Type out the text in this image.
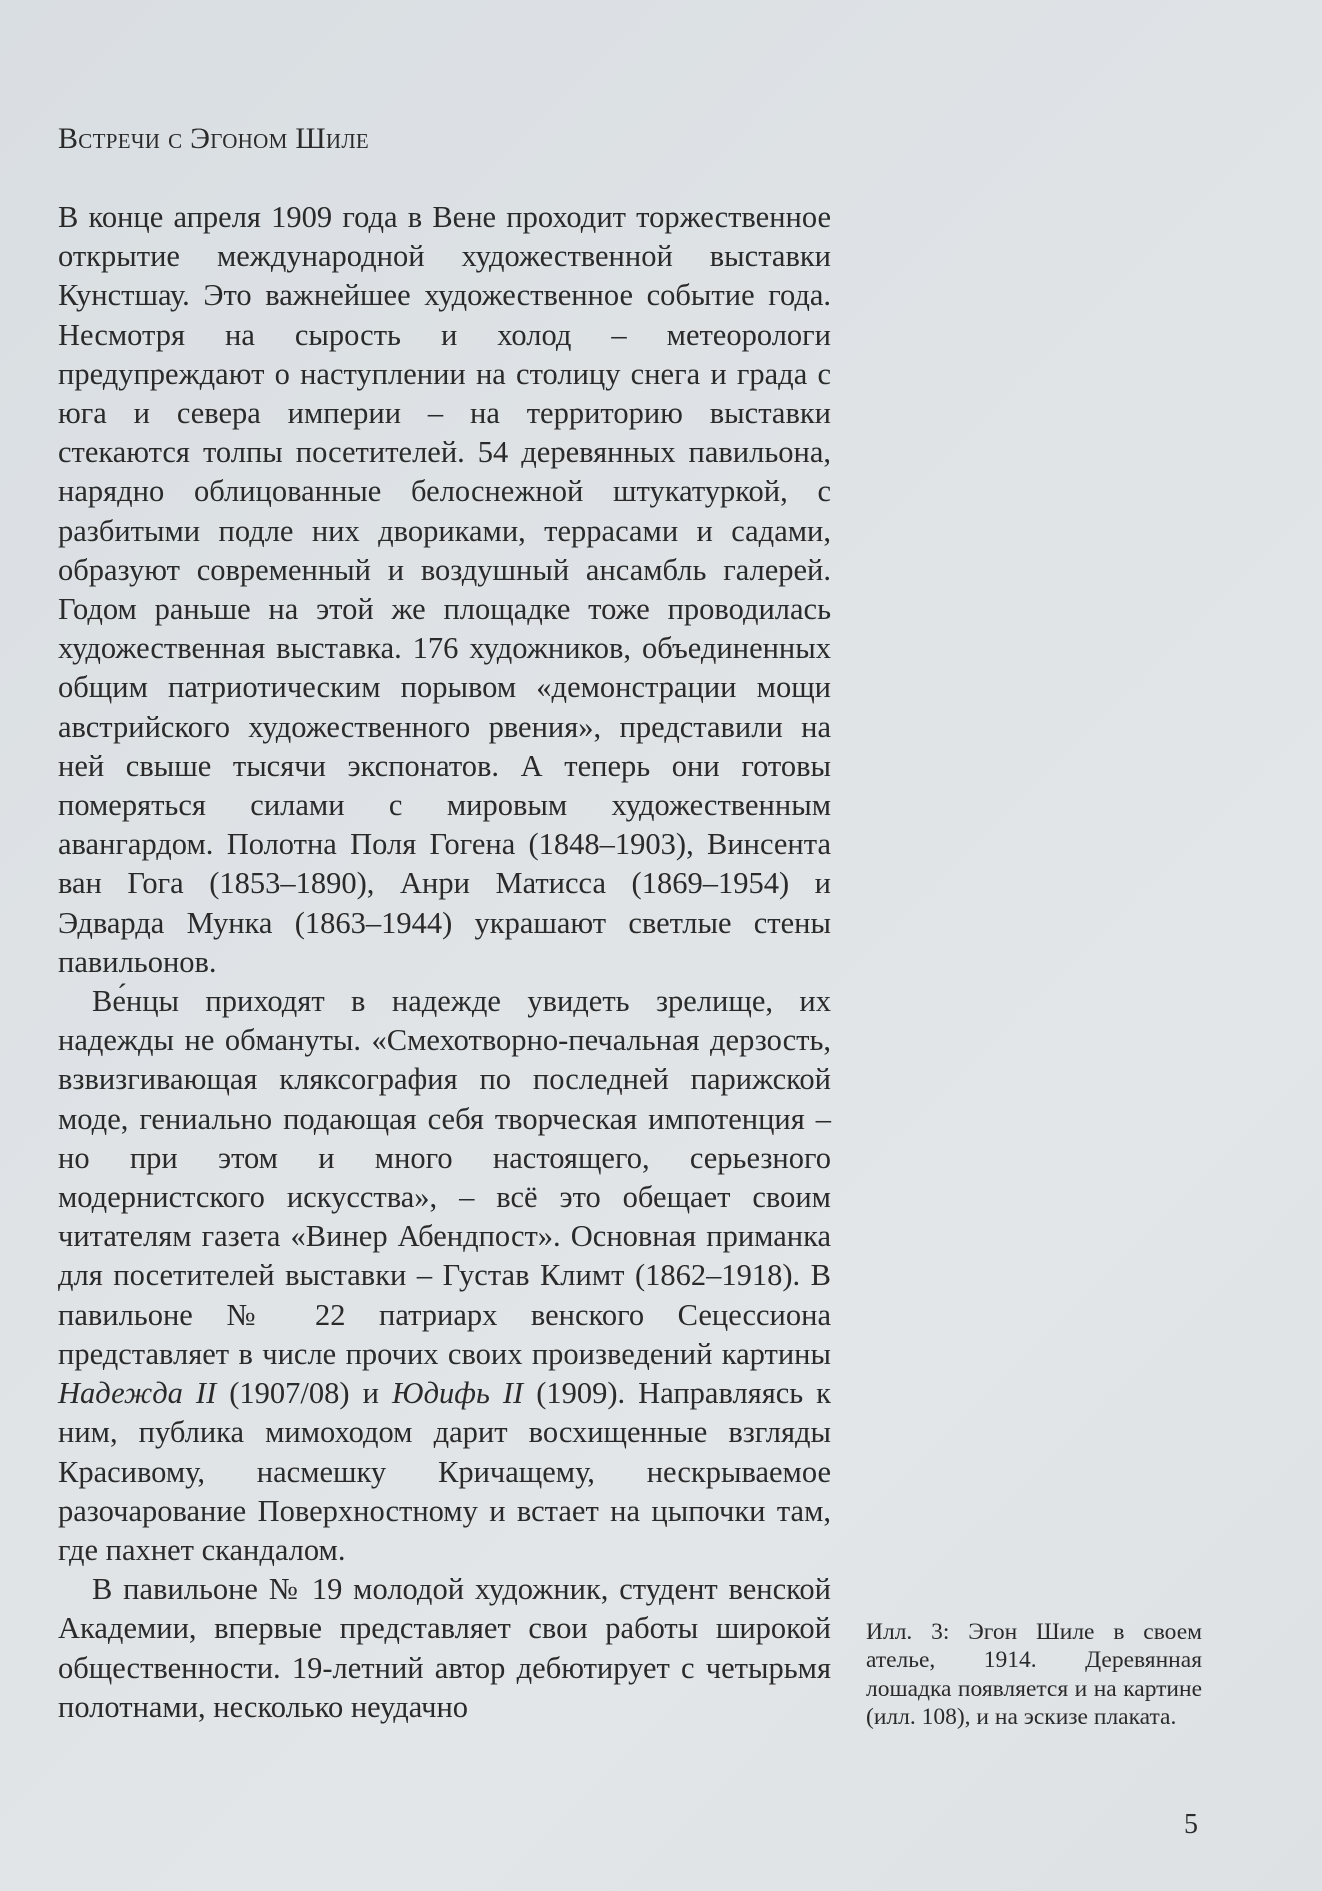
Встречи с Эгоном Шиле

В конце апреля 1909 года в Вене проходит торжественное открытие международной художественной выставки Кунстшау. Это важнейшее художественное событие года. Несмотря на сырость и холод – метеорологи предупреждают о наступлении на столицу снега и града с юга и севера империи – на территорию выставки стекаются толпы посетителей. 54 деревянных павильона, нарядно облицованные белоснежной штукатуркой, с разбитыми подле них двориками, террасами и садами, образуют современный и воздушный ансамбль галерей. Годом раньше на этой же площадке тоже проводилась художественная выставка. 176 художников, объединенных общим патриотическим порывом «демонстрации мощи австрийского художественного рвения», представили на ней свыше тысячи экспонатов. А теперь они готовы померяться силами с мировым художественным авангардом. Полотна Поля Гогена (1848–1903), Винсента ван Гога (1853–1890), Анри Матисса (1869–1954) и Эдварда Мунка (1863–1944) украшают светлые стены павильонов.

Ве́нцы приходят в надежде увидеть зрелище, их надежды не обмануты. «Смехотворно-печальная дерзость, взвизгивающая кляксография по последней парижской моде, гениально подающая себя творческая импотенция – но при этом и много настоящего, серьезного модернистского искусства», – всё это обещает своим читателям газета «Винер Абендпост». Основная приманка для посетителей выставки – Густав Климт (1862–1918). В павильоне № 22 патриарх венского Сецессиона представляет в числе прочих своих произведений картины Надежда II (1907/08) и Юдифь II (1909). Направляясь к ним, публика мимоходом дарит восхищенные взгляды Красивому, насмешку Кричащему, нескрываемое разочарование Поверхностному и встает на цыпочки там, где пахнет скандалом.

В павильоне № 19 молодой художник, студент венской Академии, впервые представляет свои работы широкой общественности. 19-летний автор дебютирует с четырьмя полотнами, несколько неудачно

Илл. 3: Эгон Шиле в своем ателье, 1914. Деревянная лошадка появляется и на картине (илл. 108), и на эскизе плаката.
5
